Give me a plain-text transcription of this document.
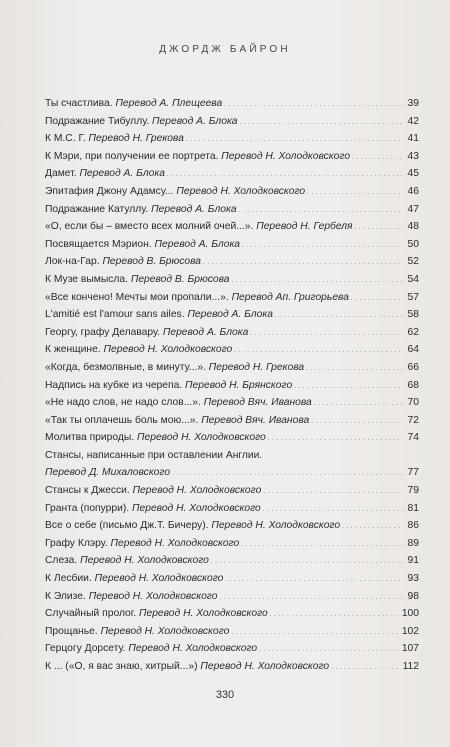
ДЖОРДЖ БАЙРОН
Ты счастлива. Перевод А. Плещеева . . .	39
Подражание Тибуллу. Перевод А. Блока . . .	42
К М.С. Г. Перевод Н. Грекова . . .	41
К Мэри, при получении ее портрета. Перевод Н. Холодковского . . .	43
Дамет. Перевод А. Блока . . .	45
Эпитафия Джону Адамсу... Перевод Н. Холодковского . . .	46
Подражание Катуллу. Перевод А. Блока . . .	47
«О, если бы – вместо всех молний очей...». Перевод Н. Гербеля . . .	48
Посвящается Мэрион. Перевод А. Блока . . .	50
Лок-на-Гар. Перевод В. Брюсова . . .	52
К Музе вымысла. Перевод В. Брюсова . . .	54
«Все кончено! Мечты мои пропали...». Перевод Ап. Григорьева . . .	57
L'amitié est l'amour sans ailes. Перевод А. Блока . . .	58
Георгу, графу Делавару. Перевод А. Блока . . .	62
К женщине. Перевод Н. Холодковского . . .	64
«Когда, безмолвные, в минуту...». Перевод Н. Грекова . . .	66
Надпись на кубке из черепа. Перевод Н. Брянского . . .	68
«Не надо слов, не надо слов...». Перевод Вяч. Иванова . . .	70
«Так ты оплачешь боль мою...». Перевод Вяч. Иванова . . .	72
Молитва природы. Перевод Н. Холодковского . . .	74
Стансы, написанные при оставлении Англии.
Перевод Д. Михаловского . . .	77
Стансы к Джесси. Перевод Н. Холодковского . . .	79
Гранта (попурри). Перевод Н. Холодковского . . .	81
Все о себе (письмо Дж.Т. Бичеру). Перевод Н. Холодковского . . .	86
Графу Клэру. Перевод Н. Холодковского . . .	89
Слеза. Перевод Н. Холодковского . . .	91
К Лесбии. Перевод Н. Холодковского . . .	93
К Элизе. Перевод Н. Холодковского . . .	98
Случайный пролог. Перевод Н. Холодковского . . .	100
Прощанье. Перевод Н. Холодковского . . .	102
Герцогу Дорсету. Перевод Н. Холодковского . . .	107
К ... («О, я вас знаю, хитрый...») Перевод Н. Холодковского . . .	112
330
